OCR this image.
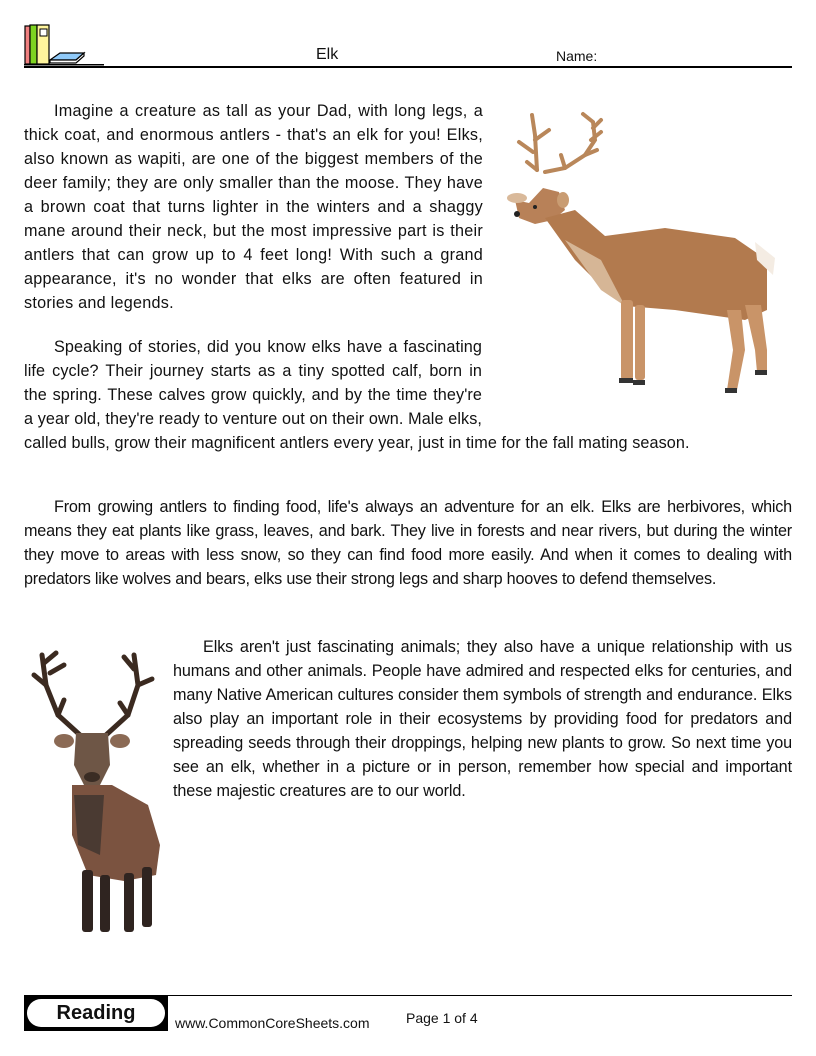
Elk	Name:

Imagine a creature as tall as your Dad, with long legs, a thick coat, and enormous antlers - that's an elk for you! Elks, also known as wapiti, are one of the biggest members of the deer family; they are only smaller than the moose. They have a brown coat that turns lighter in the winters and a shaggy mane around their neck, but the most impressive part is their antlers that can grow up to 4 feet long! With such a grand appearance, it's no wonder that elks are often featured in stories and legends.

Speaking of stories, did you know elks have a fascinating life cycle? Their journey starts as a tiny spotted calf, born in the spring. These calves grow quickly, and by the time they're a year old, they're ready to venture out on their own. Male elks, called bulls, grow their magnificent antlers every year, just in time for the fall mating season.

From growing antlers to finding food, life's always an adventure for an elk. Elks are herbivores, which means they eat plants like grass, leaves, and bark. They live in forests and near rivers, but during the winter they move to areas with less snow, so they can find food more easily. And when it comes to dealing with predators like wolves and bears, elks use their strong legs and sharp hooves to defend themselves.

Elks aren't just fascinating animals; they also have a unique relationship with us humans and other animals. People have admired and respected elks for centuries, and many Native American cultures consider them symbols of strength and endurance. Elks also play an important role in their ecosystems by providing food for predators and spreading seeds through their droppings, helping new plants to grow. So next time you see an elk, whether in a picture or in person, remember how special and important these majestic creatures are to our world.

Reading	www.CommonCoreSheets.com	Page 1 of 4
